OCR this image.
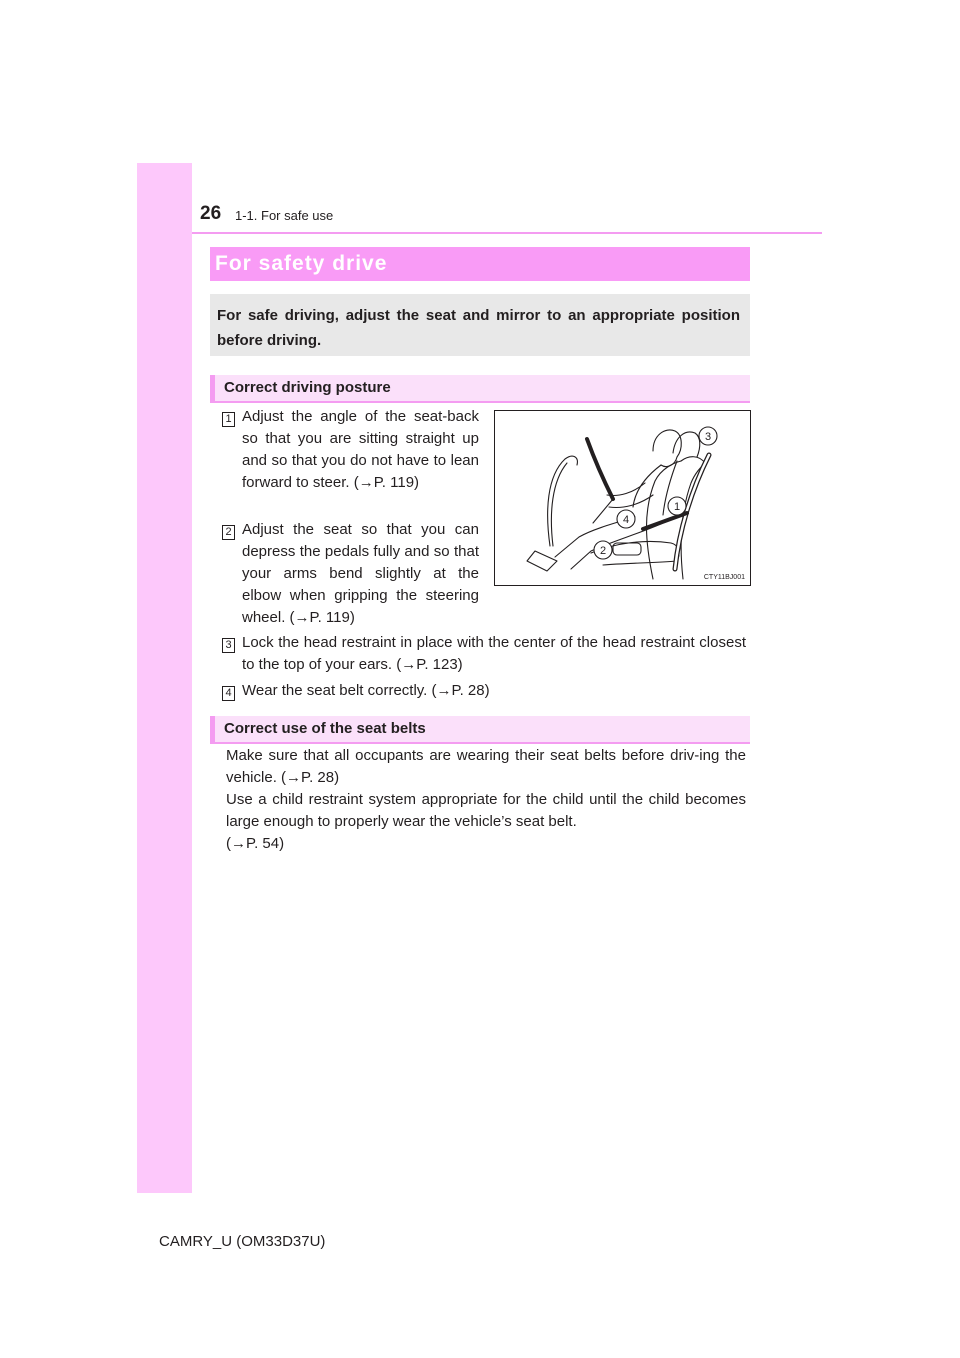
26 1-1. For safe use
For safety drive

For safe driving, adjust the seat and mirror to an appropriate position before driving.

Correct driving posture
1 Adjust the angle of the seat-back so that you are sitting straight up and so that you do not have to lean forward to steer. (→P. 119)

2 Adjust the seat so that you can depress the pedals fully and so that your arms bend slightly at the elbow when gripping the steering wheel. (→P. 119)

3
1
4
2
CTY11BJ001
3 Lock the head restraint in place with the center of the head restraint closest to the top of your ears. (→P. 123)

4 Wear the seat belt correctly. (→P. 28)

Correct use of the seat belts
Make sure that all occupants are wearing their seat belts before driv-ing the vehicle. (→P. 28)
Use a child restraint system appropriate for the child until the child becomes large enough to properly wear the vehicle’s seat belt.
(→P. 54)
CAMRY_U (OM33D37U)
